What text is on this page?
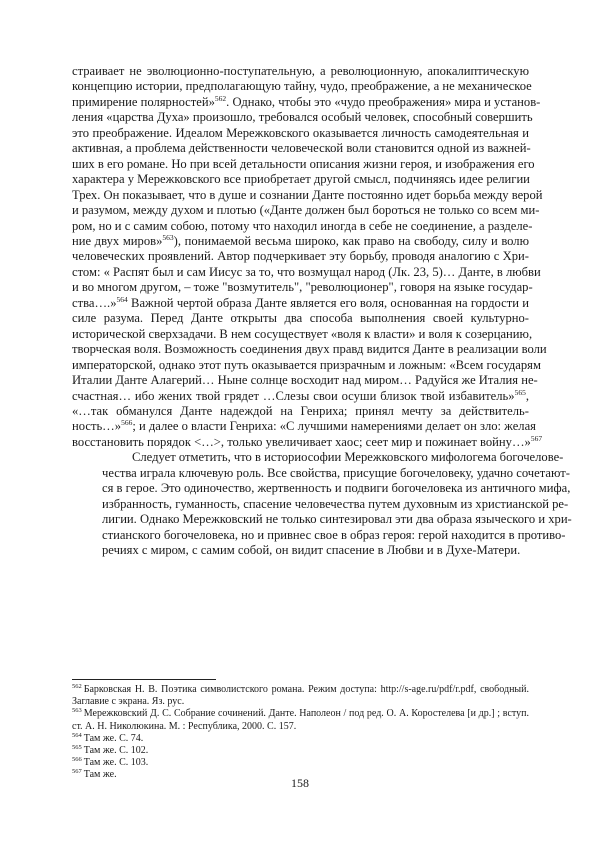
страивает не эволюционно-поступательную, а революционную, апокалиптическую
концепцию истории, предполагающую тайну, чудо, преображение, а не механическое
примирение полярностей»$^{562}$. Однако, чтобы это «чудо преображения» мира и установ-
ления «царства Духа» произошло, требовался особый человек, способный совершить
это преображение. Идеалом Мережковского оказывается личность самодеятельная и
активная, а проблема действенности человеческой воли становится одной из важней-
ших в его романе. Но при всей детальности описания жизни героя, и изображения его
характера у Мережковского все приобретает другой смысл, подчиняясь идее религии
Трех. Он показывает, что в душе и сознании Данте постоянно идет борьба между верой
и разумом, между духом и плотью («Данте должен был бороться не только со всем ми-
ром, но и с самим собою, потому что находил иногда в себе не соединение, а разделе-
ние двух миров»$^{563}$), понимаемой весьма широко, как право на свободу, силу и волю
человеческих проявлений. Автор подчеркивает эту борьбу, проводя аналогию с Хри-
стом: « Распят был и сам Иисус за то, что возмущал народ (Лк. 23, 5)… Данте, в любви
и во многом другом, – тоже "возмутитель", "революционер", говоря на языке государ-
ства….»$^{564}$ Важной чертой образа Данте является его воля, основанная на гордости и
силе разума. Перед Данте открыты два способа выполнения своей культурно-
исторической сверхзадачи. В нем сосуществует «воля к власти» и воля к созерцанию,
творческая воля. Возможность соединения двух правд видится Данте в реализации воли
императорской, однако этот путь оказывается призрачным и ложным: «Всем государям
Италии Данте Алагерий… Ныне солнце восходит над миром… Радуйся же Италия не-
счастная… ибо жених твой грядет …Слезы свои осуши близок твой избавитель»$^{565}$,
«…так обманулся Данте надеждой на Генриха; принял мечту за действитель-
ность…»$^{566}$; и далее о власти Генриха: «С лучшими намерениями делает он зло: желая
восстановить порядок <…>, только увеличивает хаос; сеет мир и пожинает войну…»$^{567}$
Следует отметить, что в историософии Мережковского мифологема богочелове-
чества играла ключевую роль. Все свойства, присущие богочеловеку, удачно сочетают-
ся в герое. Это одиночество, жертвенность и подвиги богочеловека из античного мифа,
избранность, гуманность, спасение человечества путем духовным из христианской ре-
лигии. Однако Мережковский не только синтезировал эти два образа языческого и хри-
стианского богочеловека, но и привнес свое в образ героя: герой находится в противо-
речиях с миром, с самим собой, он видит спасение в Любви и в Духе-Матери.

$^{562}$ Барковская Н. В. Поэтика символистского романа. Режим доступа: http://s-age.ru/pdf/r.pdf, свободный. Заглавие с экрана. Яз. рус.

$^{563}$ Мережковский Д. С. Собрание сочинений. Данте. Наполеон / под ред. О. А. Коростелева [и др.] ; вступ. ст. А. Н. Николюкина. М. : Республика, 2000. С. 157.

$^{564}$ Там же. С. 74.

$^{565}$ Там же. С. 102.

$^{566}$ Там же. С. 103.

$^{567}$ Там же.

158
